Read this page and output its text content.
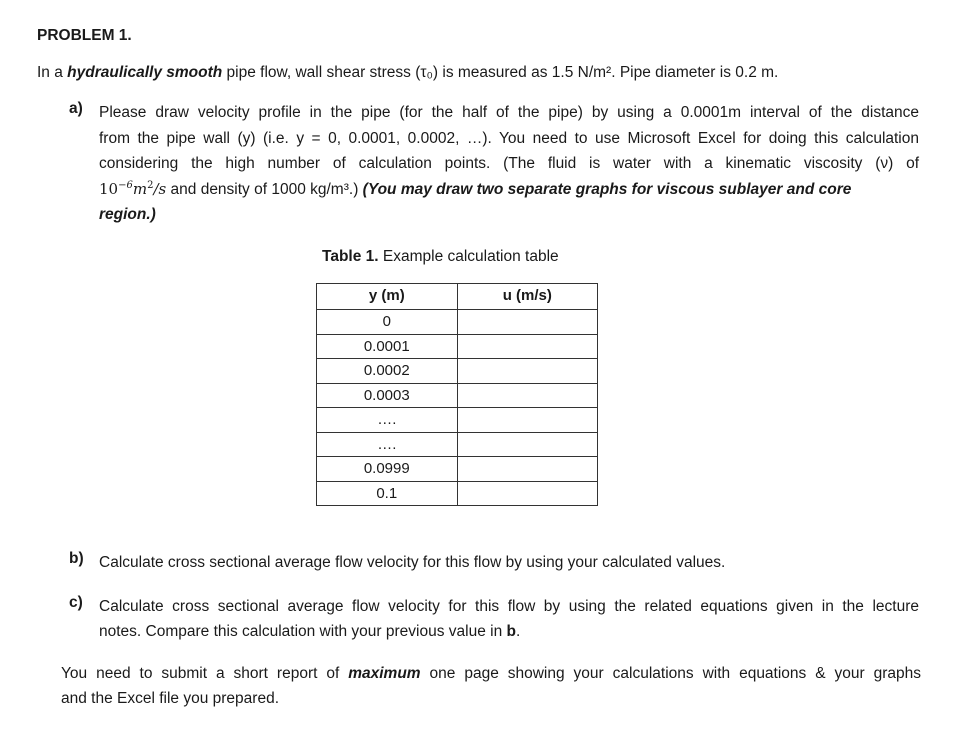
PROBLEM 1.
In a hydraulically smooth pipe flow, wall shear stress (τ₀) is measured as 1.5 N/m². Pipe diameter is 0.2 m.
a) Please draw velocity profile in the pipe (for the half of the pipe) by using a 0.0001m interval of the distance
from the pipe wall (y) (i.e. y = 0, 0.0001, 0.0002, …). You need to use Microsoft Excel for doing this calculation
considering the high number of calculation points. (The fluid is water with a kinematic viscosity (ν) of
$10^{-6}m^2/s$ and density of 1000 kg/m³.) (You may draw two separate graphs for viscous sublayer and core
region.)
Table 1. Example calculation table
y (m)	u (m/s)
0	
0.0001	
0.0002	
0.0003	
….	
….	
0.0999	
0.1	
b) Calculate cross sectional average flow velocity for this flow by using your calculated values.
c) Calculate cross sectional average flow velocity for this flow by using the related equations given in the lecture
notes. Compare this calculation with your previous value in b.
You need to submit a short report of maximum one page showing your calculations with equations & your graphs
and the Excel file you prepared.
